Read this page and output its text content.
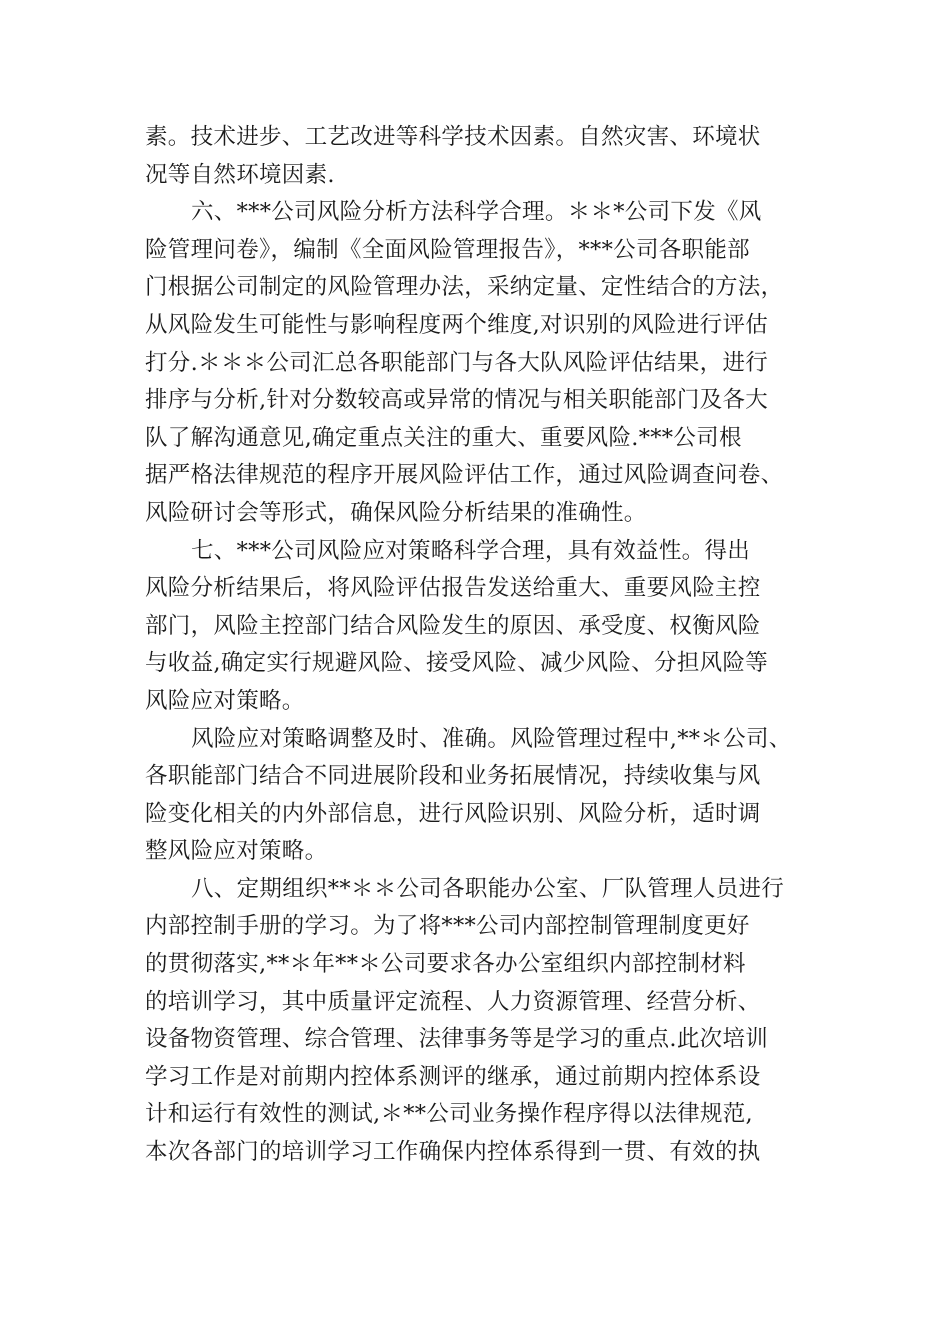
素。技术进步、工艺改进等科学技术因素。自然灾害、环境状
况等自然环境因素.
六、***公司风险分析方法科学合理。＊＊*公司下发《风
险管理问卷》，编制《全面风险管理报告》，***公司各职能部
门根据公司制定的风险管理办法，采纳定量、定性结合的方法，
从风险发生可能性与影响程度两个维度,对识别的风险进行评估
打分.＊＊＊公司汇总各职能部门与各大队风险评估结果，进行
排序与分析,针对分数较高或异常的情况与相关职能部门及各大
队了解沟通意见,确定重点关注的重大、重要风险.***公司根
据严格法律规范的程序开展风险评估工作，通过风险调查问卷、
风险研讨会等形式，确保风险分析结果的准确性。
七、***公司风险应对策略科学合理，具有效益性。得出
风险分析结果后，将风险评估报告发送给重大、重要风险主控
部门，风险主控部门结合风险发生的原因、承受度、权衡风险
与收益,确定实行规避风险、接受风险、减少风险、分担风险等
风险应对策略。
风险应对策略调整及时、准确。风险管理过程中,**＊公司、
各职能部门结合不同进展阶段和业务拓展情况，持续收集与风
险变化相关的内外部信息，进行风险识别、风险分析，适时调
整风险应对策略。
八、定期组织**＊＊公司各职能办公室、厂队管理人员进行
内部控制手册的学习。为了将***公司内部控制管理制度更好
的贯彻落实,**＊年**＊公司要求各办公室组织内部控制材料
的培训学习，其中质量评定流程、人力资源管理、经营分析、
设备物资管理、综合管理、法律事务等是学习的重点.此次培训
学习工作是对前期内控体系测评的继承，通过前期内控体系设
计和运行有效性的测试,＊**公司业务操作程序得以法律规范,
本次各部门的培训学习工作确保内控体系得到一贯、有效的执
